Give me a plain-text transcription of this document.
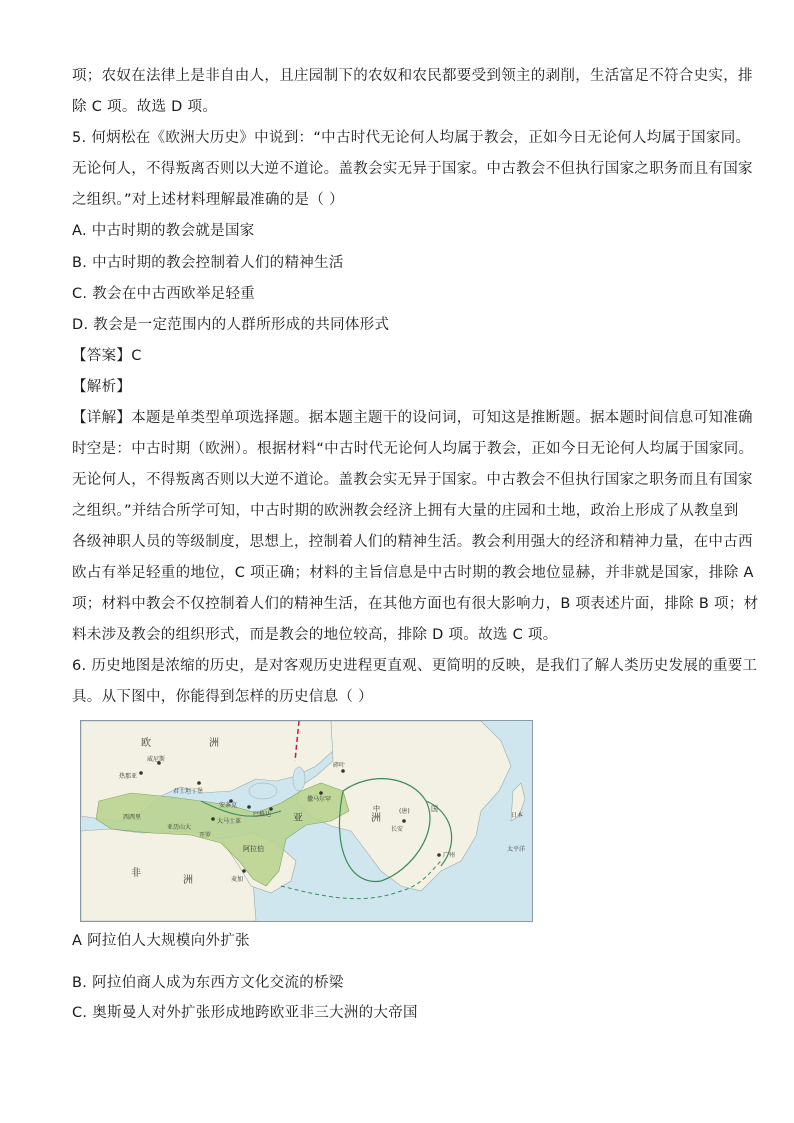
项；农奴在法律上是非自由人，且庄园制下的农奴和农民都要受到领主的剥削，生活富足不符合史实，排
除 C 项。故选 D 项。
5. 何炳松在《欧洲大历史》中说到：“中古时代无论何人均属于教会，正如今日无论何人均属于国家同。
无论何人，不得叛离否则以大逆不道论。盖教会实无异于国家。中古教会不但执行国家之职务而且有国家
之组织。”对上述材料理解最准确的是（ ）
A. 中古时期的教会就是国家
B. 中古时期的教会控制着人们的精神生活
C. 教会在中古西欧举足轻重
D. 教会是一定范围内的人群所形成的共同体形式
【答案】C
【解析】
【详解】本题是单类型单项选择题。据本题主题干的设问词，可知这是推断题。据本题时间信息可知准确
时空是：中古时期（欧洲）。根据材料“中古时代无论何人均属于教会，正如今日无论何人均属于国家同。
无论何人，不得叛离否则以大逆不道论。盖教会实无异于国家。中古教会不但执行国家之职务而且有国家
之组织。”并结合所学可知，中古时期的欧洲教会经济上拥有大量的庄园和土地，政治上形成了从教皇到
各级神职人员的等级制度，思想上，控制着人们的精神生活。教会利用强大的经济和精神力量，在中古西
欧占有举足轻重的地位，C 项正确；材料的主旨信息是中古时期的教会地位显赫，并非就是国家，排除 A
项；材料中教会不仅控制着人们的精神生活，在其他方面也有很大影响力，B 项表述片面，排除 B 项；材
料未涉及教会的组织形式，而是教会的地位较高，排除 D 项。故选 C 项。
6. 历史地图是浓缩的历史，是对客观历史进程更直观、更简明的反映，是我们了解人类历史发展的重要工
具。从下图中，你能得到怎样的历史信息（ ）
欧	洲
亚	洲
非
洲
中	国
(唐)
日本
太平洋
威尼斯
热那亚
君士坦丁堡
西西里
安条克
大马士革
巴格达
亚历山大
开罗
麦加
阿拉伯
撒马尔罕
碎叶
长安
广州
A 阿拉伯人大规模向外扩张
B. 阿拉伯商人成为东西方文化交流的桥梁
C. 奥斯曼人对外扩张形成地跨欧亚非三大洲的大帝国
